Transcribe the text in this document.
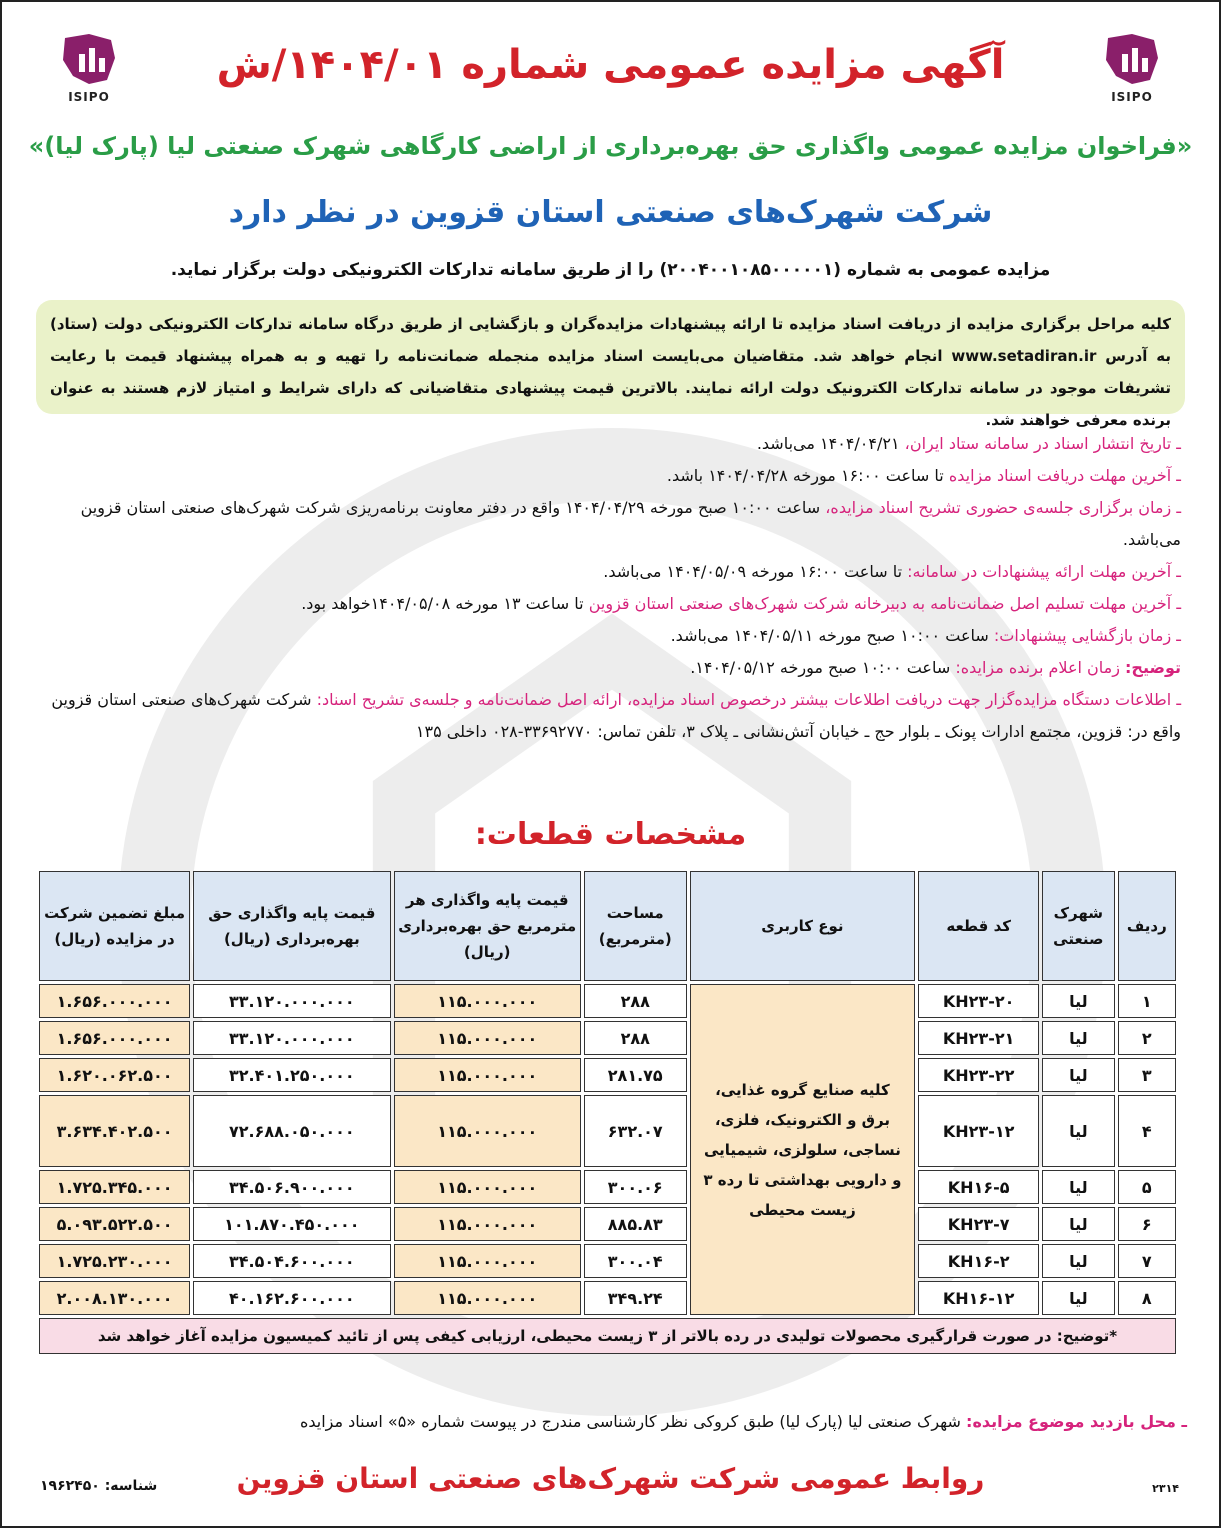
ISIPO
ISIPO
آگهی مزایده عمومی شماره ۱۴۰۴/۰۱/ش
«فراخوان مزایده عمومی واگذاری حق بهره‌برداری از اراضی کارگاهی شهرک صنعتی لیا (پارک لیا)»
شرکت شهرک‌های صنعتی استان قزوین در نظر دارد
مزایده عمومی به شماره (۲۰۰۴۰۰۱۰۸۵۰۰۰۰۰۱) را از طریق سامانه تدارکات الکترونیکی دولت برگزار نماید.
کلیه مراحل برگزاری مزایده از دریافت اسناد مزایده تا ارائه پیشنهادات مزایده‌گران و بازگشایی از طریق درگاه سامانه تدارکات الکترونیکی دولت (ستاد) به آدرس www.setadiran.ir انجام خواهد شد. متقاضیان می‌بایست اسناد مزایده منجمله ضمانت‌نامه را تهیه و به همراه پیشنهاد قیمت با رعایت تشریفات موجود در سامانه تدارکات الکترونیک دولت ارائه نمایند. بالاترین قیمت پیشنهادی متقاضیانی که دارای شرایط و امتیاز لازم هستند به عنوان برنده معرفی خواهند شد.

ـ تاریخ انتشار اسناد در سامانه ستاد ایران، ۱۴۰۴/۰۴/۲۱ می‌باشد.

ـ آخرین مهلت دریافت اسناد مزایده تا ساعت ۱۶:۰۰ مورخه ۱۴۰۴/۰۴/۲۸ باشد.

ـ زمان برگزاری جلسه‌ی حضوری تشریح اسناد مزایده، ساعت ۱۰:۰۰ صبح مورخه ۱۴۰۴/۰۴/۲۹ واقع در دفتر معاونت برنامه‌ریزی شرکت شهرک‌های صنعتی استان قزوین می‌باشد.

ـ آخرین مهلت ارائه پیشنهادات در سامانه: تا ساعت ۱۶:۰۰ مورخه ۱۴۰۴/۰۵/۰۹ می‌باشد.

ـ آخرین مهلت تسلیم اصل ضمانت‌نامه به دبیرخانه شرکت شهرک‌های صنعتی استان قزوین تا ساعت ۱۳ مورخه ۱۴۰۴/۰۵/۰۸خواهد بود.

ـ زمان بازگشایی پیشنهادات: ساعت ۱۰:۰۰ صبح مورخه ۱۴۰۴/۰۵/۱۱ می‌باشد.

توضیح: زمان اعلام برنده مزایده: ساعت ۱۰:۰۰ صبح مورخه ۱۴۰۴/۰۵/۱۲.

ـ اطلاعات دستگاه مزایده‌گزار جهت دریافت اطلاعات بیشتر درخصوص اسناد مزایده، ارائه اصل ضمانت‌نامه و جلسه‌ی تشریح اسناد: شرکت شهرک‌های صنعتی استان قزوین واقع در: قزوین، مجتمع ادارات پونک ـ بلوار حج ـ خیابان آتش‌نشانی ـ پلاک ۳، تلفن تماس: ۳۳۶۹۲۷۷۰-۰۲۸ داخلی ۱۳۵

مشخصات قطعات:
ردیف	شهرک صنعتی	کد قطعه	نوع کاربری	مساحت (مترمربع)	قیمت پایه واگذاری هر مترمربع حق بهره‌برداری (ریال)	قیمت پایه واگذاری حق بهره‌برداری (ریال)	مبلغ تضمین شرکت در مزایده (ریال)
۱	لیا	KH۲۳-۲۰	کلیه صنایع گروه غذایی، برق و الکترونیک، فلزی، نساجی، سلولزی، شیمیایی و دارویی بهداشتی تا رده ۳ زیست محیطی	۲۸۸	۱۱۵.۰۰۰.۰۰۰	۳۳.۱۲۰.۰۰۰.۰۰۰	۱.۶۵۶.۰۰۰.۰۰۰
۲	لیا	KH۲۳-۲۱		۲۸۸	۱۱۵.۰۰۰.۰۰۰	۳۳.۱۲۰.۰۰۰.۰۰۰	۱.۶۵۶.۰۰۰.۰۰۰
۳	لیا	KH۲۳-۲۲		۲۸۱.۷۵	۱۱۵.۰۰۰.۰۰۰	۳۲.۴۰۱.۲۵۰.۰۰۰	۱.۶۲۰.۰۶۲.۵۰۰
۴	لیا	KH۲۳-۱۲		۶۳۲.۰۷	۱۱۵.۰۰۰.۰۰۰	۷۲.۶۸۸.۰۵۰.۰۰۰	۳.۶۳۴.۴۰۲.۵۰۰
۵	لیا	KH۱۶-۵		۳۰۰.۰۶	۱۱۵.۰۰۰.۰۰۰	۳۴.۵۰۶.۹۰۰.۰۰۰	۱.۷۲۵.۳۴۵.۰۰۰
۶	لیا	KH۲۳-۷		۸۸۵.۸۳	۱۱۵.۰۰۰.۰۰۰	۱۰۱.۸۷۰.۴۵۰.۰۰۰	۵.۰۹۳.۵۲۲.۵۰۰
۷	لیا	KH۱۶-۲		۳۰۰.۰۴	۱۱۵.۰۰۰.۰۰۰	۳۴.۵۰۴.۶۰۰.۰۰۰	۱.۷۲۵.۲۳۰.۰۰۰
۸	لیا	KH۱۶-۱۲		۳۴۹.۲۴	۱۱۵.۰۰۰.۰۰۰	۴۰.۱۶۲.۶۰۰.۰۰۰	۲.۰۰۸.۱۳۰.۰۰۰
*توضیح: در صورت قرارگیری محصولات تولیدی در رده بالاتر از ۳ زیست محیطی، ارزیابی کیفی پس از تائید کمیسیون مزایده آغاز خواهد شد							
ـ محل بازدید موضوع مزایده: شهرک صنعتی لیا (پارک لیا) طبق کروکی نظر کارشناسی مندرج در پیوست شماره «۵» اسناد مزایده
روابط عمومی شرکت شهرک‌های صنعتی استان قزوین
شناسه: ۱۹۶۲۴۵۰	۲۳۱۴
